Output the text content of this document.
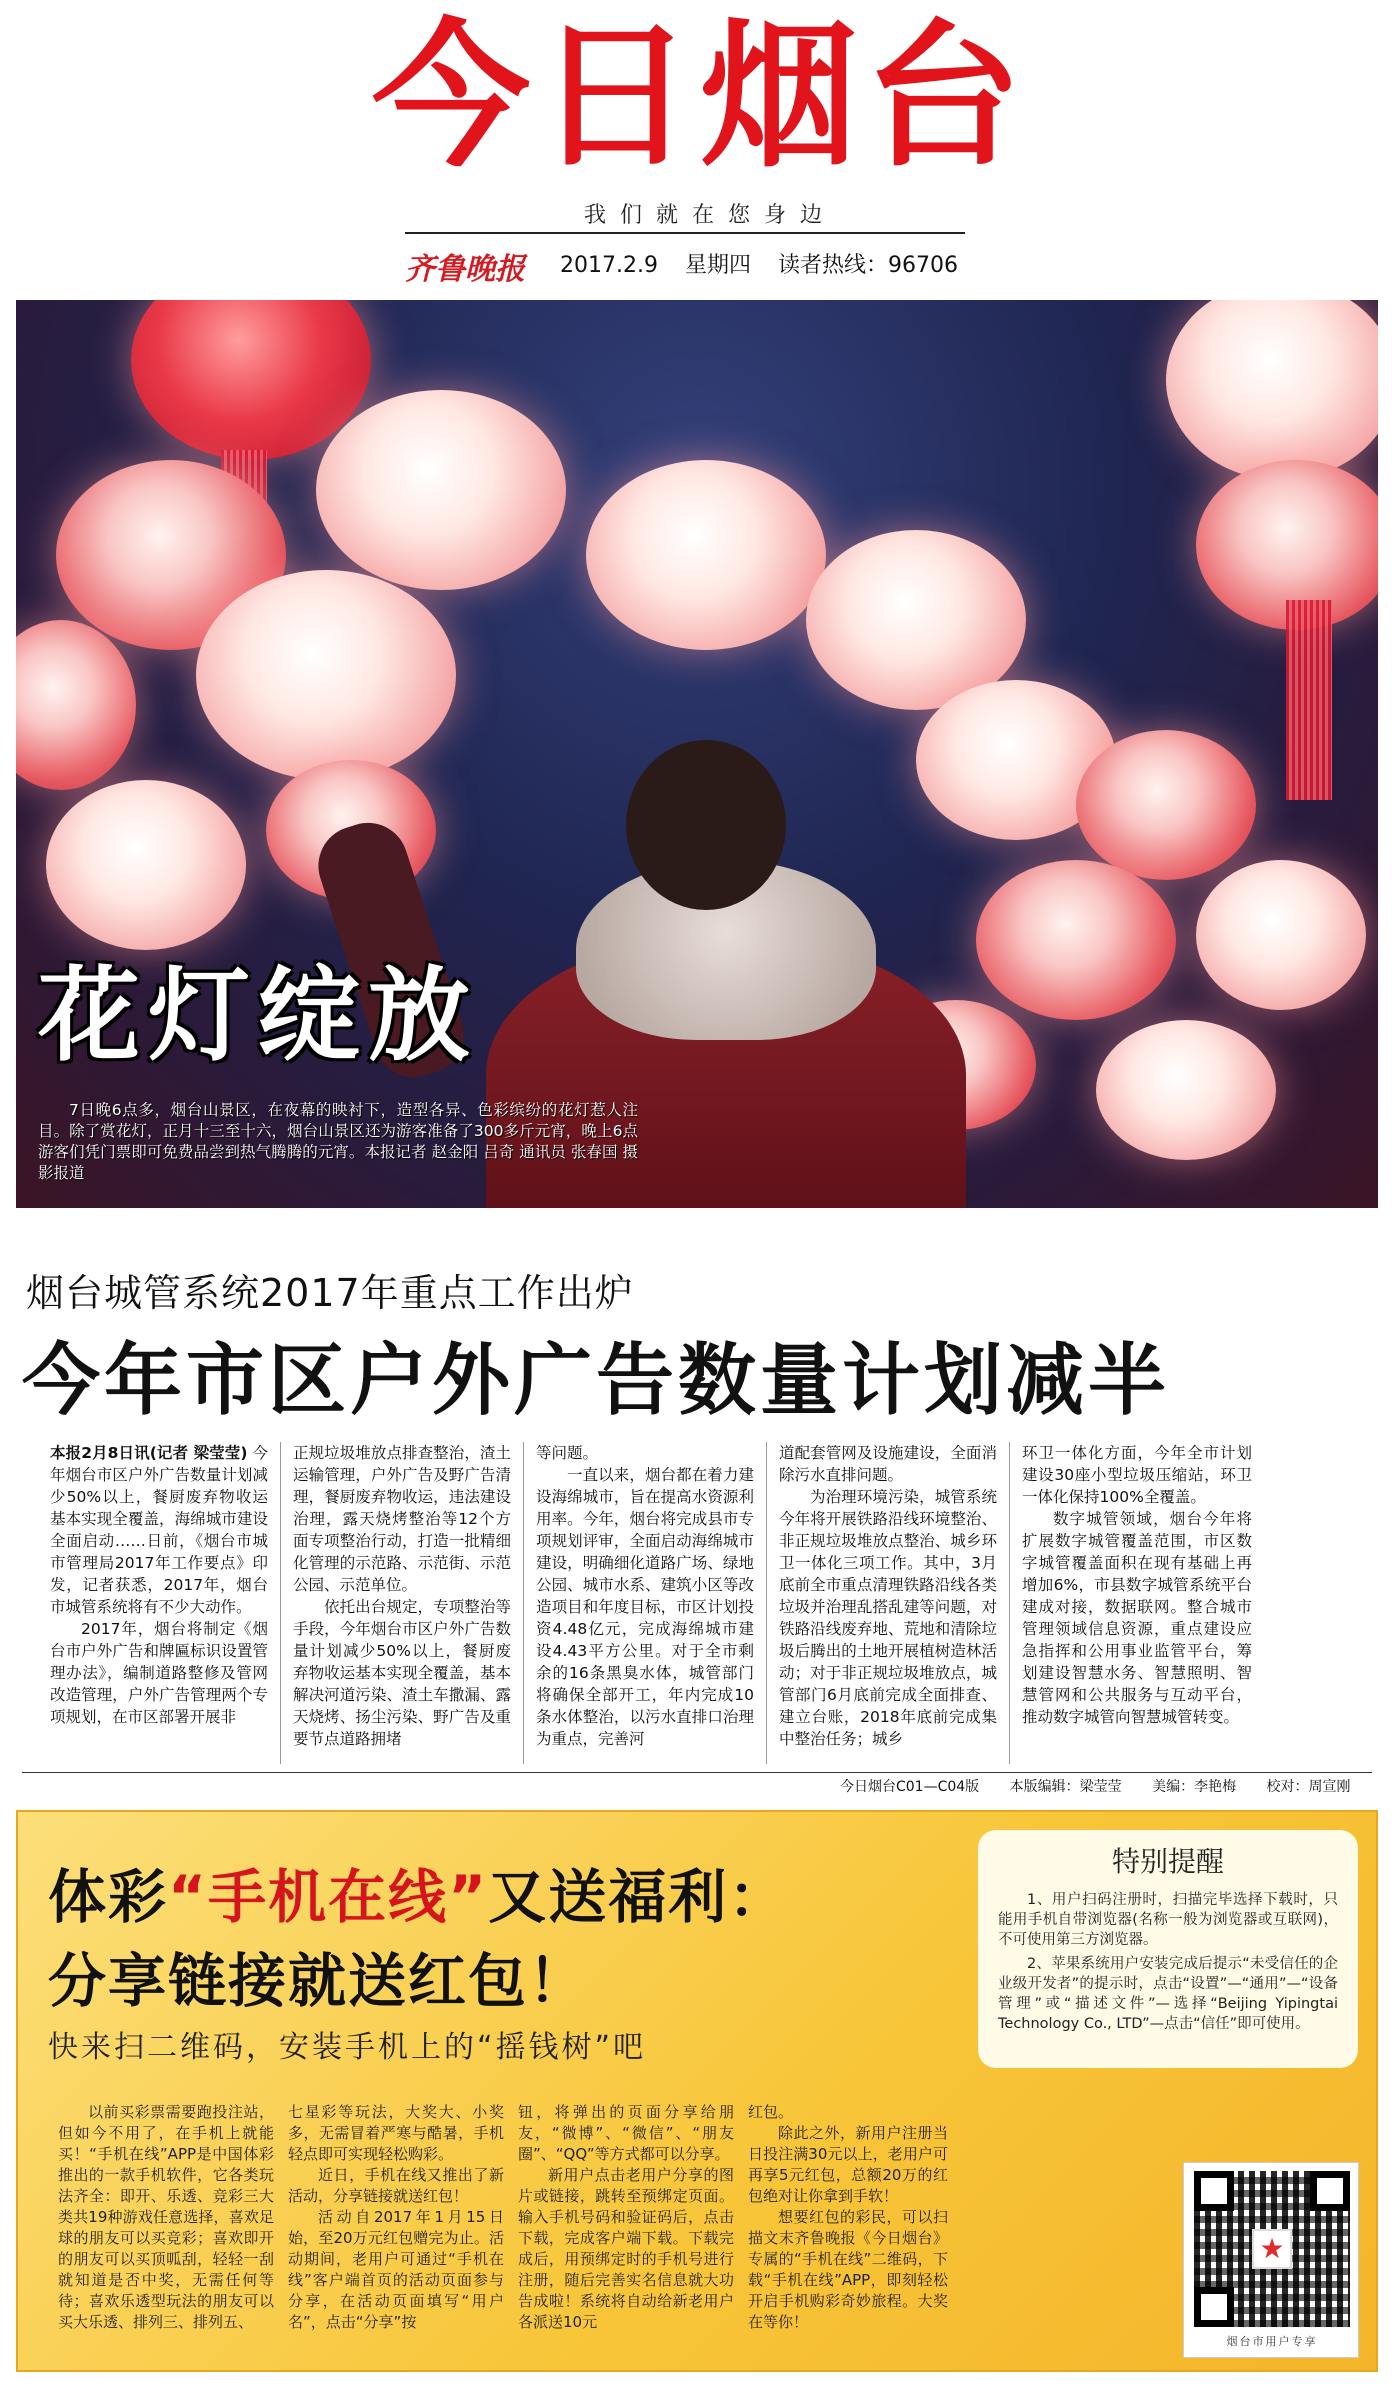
今日烟台
我们就在您身边
齐鲁晚报 2017.2.9 星期四 读者热线：96706
花灯绽放

7日晚6点多，烟台山景区，在夜幕的映衬下，造型各异、色彩缤纷的花灯惹人注目。除了赏花灯，正月十三至十六，烟台山景区还为游客准备了300多斤元宵，晚上6点游客们凭门票即可免费品尝到热气腾腾的元宵。本报记者 赵金阳 吕奇 通讯员 张春国 摄影报道

烟台城管系统2017年重点工作出炉
今年市区户外广告数量计划减半

本报2月8日讯(记者 梁莹莹) 今年烟台市区户外广告数量计划减少50%以上，餐厨废弃物收运基本实现全覆盖，海绵城市建设全面启动……日前，《烟台市城市管理局2017年工作要点》印发，记者获悉，2017年，烟台市城管系统将有不少大动作。

2017年，烟台将制定《烟台市户外广告和牌匾标识设置管理办法》，编制道路整修及管网改造管理，户外广告管理两个专项规划，在市区部署开展非

正规垃圾堆放点排查整治，渣土运输管理，户外广告及野广告清理，餐厨废弃物收运，违法建设治理，露天烧烤整治等12个方面专项整治行动，打造一批精细化管理的示范路、示范街、示范公园、示范单位。

依托出台规定，专项整治等手段，今年烟台市区户外广告数量计划减少50%以上，餐厨废弃物收运基本实现全覆盖，基本解决河道污染、渣土车撒漏、露天烧烤、扬尘污染、野广告及重要节点道路拥堵

等问题。

一直以来，烟台都在着力建设海绵城市，旨在提高水资源利用率。今年，烟台将完成县市专项规划评审，全面启动海绵城市建设，明确细化道路广场、绿地公园、城市水系、建筑小区等改造项目和年度目标，市区计划投资4.48亿元，完成海绵城市建设4.43平方公里。对于全市剩余的16条黑臭水体，城管部门将确保全部开工，年内完成10条水体整治，以污水直排口治理为重点，完善河

道配套管网及设施建设，全面消除污水直排问题。

为治理环境污染，城管系统今年将开展铁路沿线环境整治、非正规垃圾堆放点整治、城乡环卫一体化三项工作。其中，3月底前全市重点清理铁路沿线各类垃圾并治理乱搭乱建等问题，对铁路沿线废弃地、荒地和清除垃圾后腾出的土地开展植树造林活动；对于非正规垃圾堆放点，城管部门6月底前完成全面排查、建立台账，2018年底前完成集中整治任务；城乡

环卫一体化方面，今年全市计划建设30座小型垃圾压缩站，环卫一体化保持100%全覆盖。

数字城管领域，烟台今年将扩展数字城管覆盖范围，市区数字城管覆盖面积在现有基础上再增加6%，市县数字城管系统平台建成对接，数据联网。整合城市管理领域信息资源，重点建设应急指挥和公用事业监管平台，筹划建设智慧水务、智慧照明、智慧管网和公共服务与互动平台，推动数字城管向智慧城管转变。

今日烟台C01—C04版 本版编辑：梁莹莹 美编：李艳梅 校对：周宣刚
体彩“手机在线”又送福利：
分享链接就送红包！
快来扫二维码，安装手机上的“摇钱树”吧
特别提醒

1、用户扫码注册时，扫描完毕选择下载时，只能用手机自带浏览器(名称一般为浏览器或互联网)，不可使用第三方浏览器。

2、苹果系统用户安装完成后提示“未受信任的企业级开发者”的提示时，点击“设置”—“通用”—“设备管理”或“描述文件”—选择“Beijing Yipingtai Technology Co., LTD”—点击“信任”即可使用。

以前买彩票需要跑投注站，但如今不用了，在手机上就能买！“手机在线”APP是中国体彩推出的一款手机软件，它各类玩法齐全：即开、乐透、竞彩三大类共19种游戏任意选择，喜欢足球的朋友可以买竞彩；喜欢即开的朋友可以买顶呱刮，轻轻一刮就知道是否中奖，无需任何等待；喜欢乐透型玩法的朋友可以买大乐透、排列三、排列五、

七星彩等玩法，大奖大、小奖多，无需冒着严寒与酷暑，手机轻点即可实现轻松购彩。

近日，手机在线又推出了新活动，分享链接就送红包！

活动自2017年1月15日始，至20万元红包赠完为止。活动期间，老用户可通过“手机在线”客户端首页的活动页面参与分享，在活动页面填写“用户名”，点击“分享”按

钮，将弹出的页面分享给朋友，“微博”、“微信”、“朋友圈”、“QQ”等方式都可以分享。

新用户点击老用户分享的图片或链接，跳转至预绑定页面。输入手机号码和验证码后，点击下载，完成客户端下载。下载完成后，用预绑定时的手机号进行注册，随后完善实名信息就大功告成啦！系统将自动给新老用户各派送10元

红包。

除此之外，新用户注册当日投注满30元以上，老用户可再享5元红包，总额20万的红包绝对让你拿到手软！

想要红包的彩民，可以扫描文末齐鲁晚报《今日烟台》专属的“手机在线”二维码，下载“手机在线”APP，即刻轻松开启手机购彩奇妙旅程。大奖在等你！

★
烟台市用户专享
